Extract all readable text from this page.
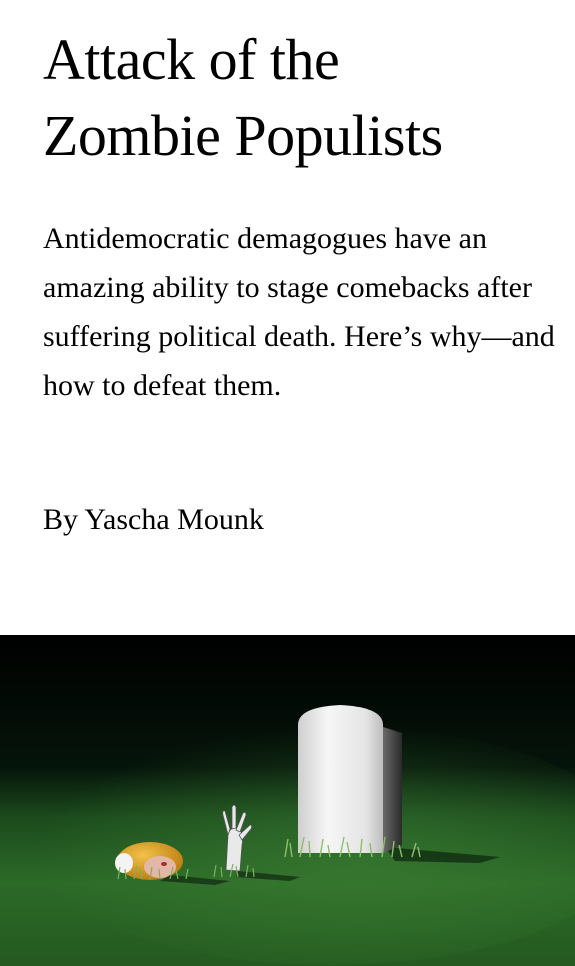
Attack of the
Zombie Populists

Antidemocratic demagogues have an amazing ability to stage comebacks after suffering political death. Here’s why—and how to defeat them.

By Yascha Mounk
